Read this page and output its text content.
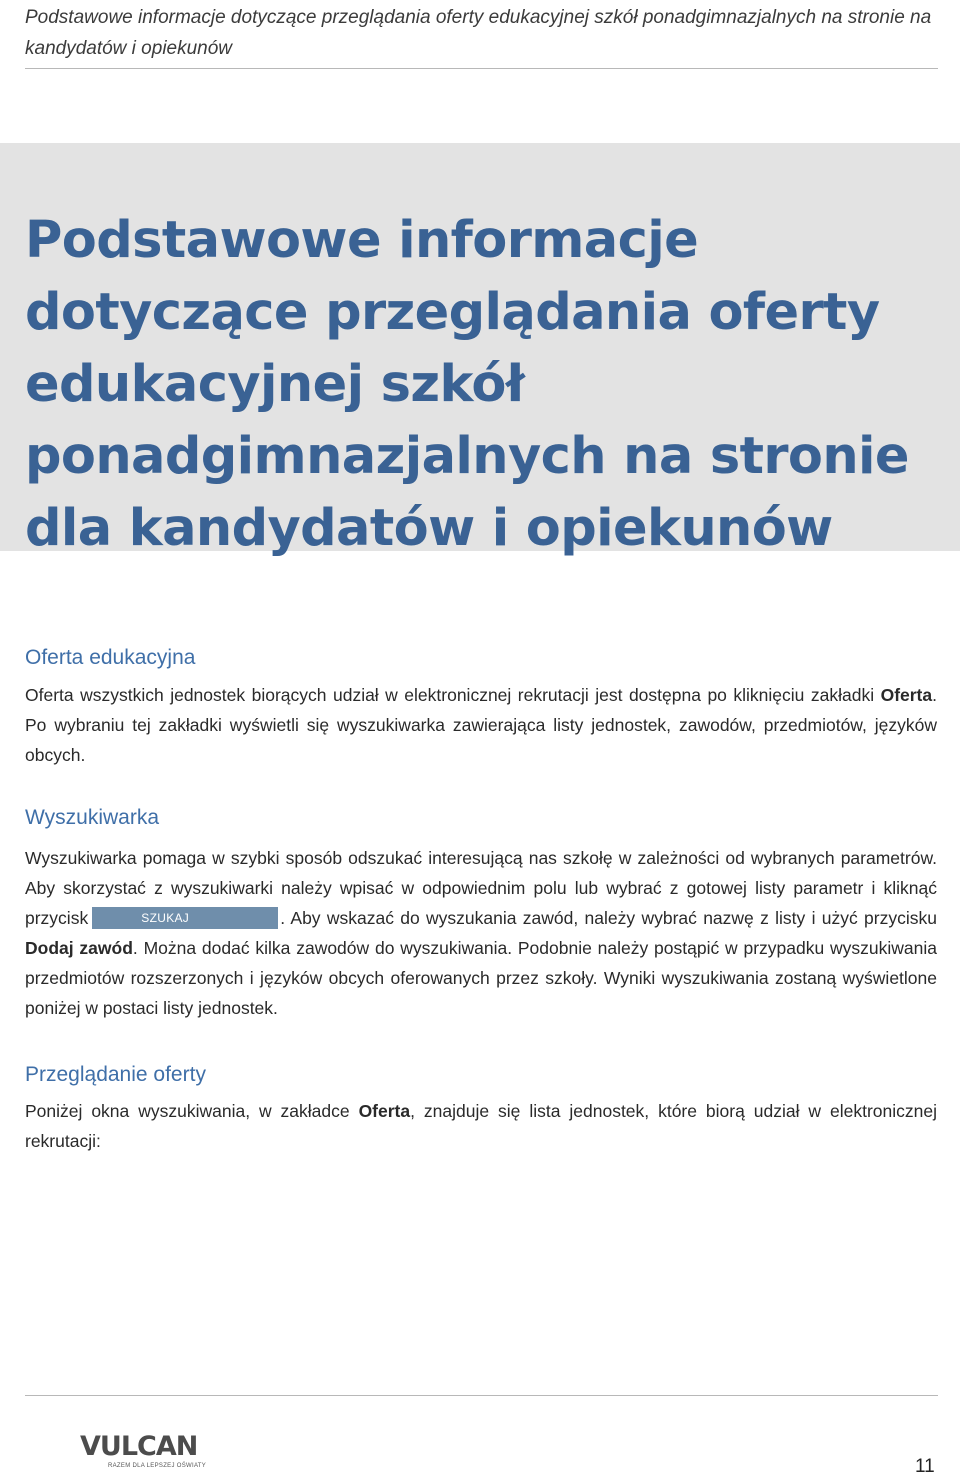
Podstawowe informacje dotyczące przeglądania oferty edukacyjnej szkół ponadgimnazjalnych na stronie na kandydatów i opiekunów
Podstawowe informacje dotyczące przeglądania oferty edukacyjnej szkół ponadgimnazjalnych na stronie dla kandydatów i opiekunów
Oferta edukacyjna

Oferta wszystkich jednostek biorących udział w elektronicznej rekrutacji jest dostępna po kliknięciu zakładki Oferta. Po wybraniu tej zakładki wyświetli się wyszukiwarka zawierająca listy jednostek, zawodów, przedmiotów, języków obcych.

Wyszukiwarka

Wyszukiwarka pomaga w szybki sposób odszukać interesującą nas szkołę w zależności od wybranych parametrów. Aby skorzystać z wyszukiwarki należy wpisać w odpowiednim polu lub wybrać z gotowej listy parametr i kliknąć przycisk	SZUKAJ	. Aby wskazać do wyszukania zawód, należy wybrać nazwę z listy i użyć przycisku Dodaj zawód. Można dodać kilka zawodów do wyszukiwania. Podobnie należy postąpić w przypadku wyszukiwania przedmiotów rozszerzonych i języków obcych oferowanych przez szkoły. Wyniki wyszukiwania zostaną wyświetlone poniżej w postaci listy jednostek.

Przeglądanie oferty

Poniżej okna wyszukiwania, w zakładce Oferta, znajduje się lista jednostek, które biorą udział w elektronicznej rekrutacji:

VULCAN
RAZEM DLA LEPSZEJ OŚWIATY	11
